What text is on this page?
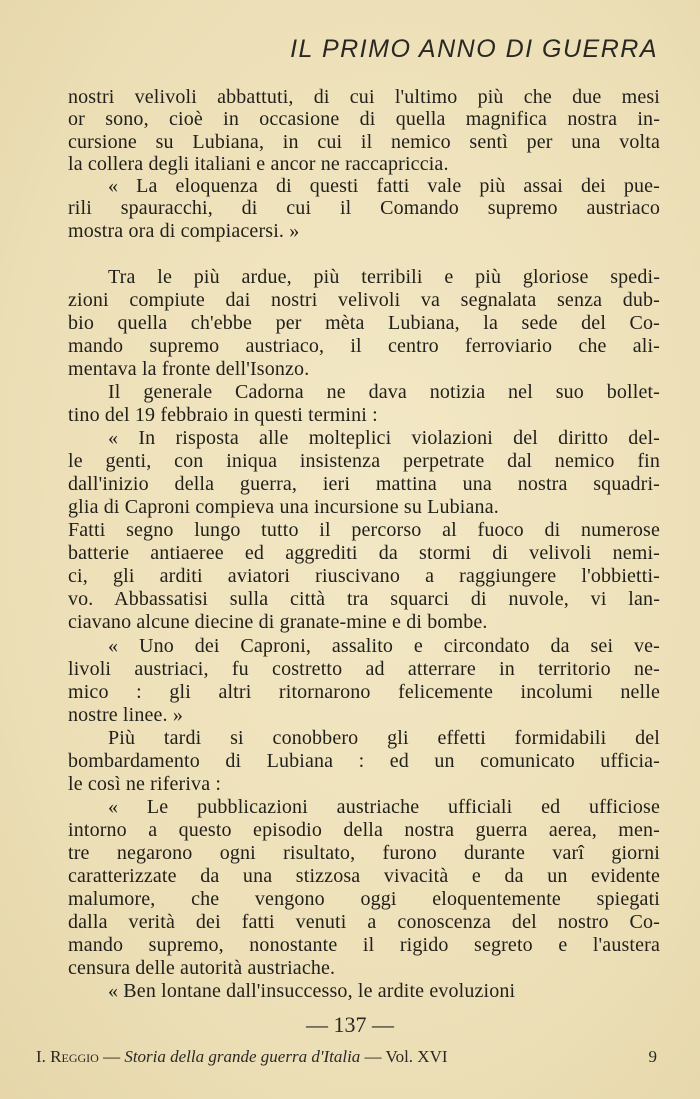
IL PRIMO ANNO DI GUERRA
nostri velivoli abbattuti, di cui l'ultimo più che due mesi
or sono, cioè in occasione di quella magnifica nostra in-
cursione su Lubiana, in cui il nemico sentì per una volta
la collera degli italiani e ancor ne raccapriccia.
« La eloquenza di questi fatti vale più assai dei pue-
rili spauracchi, di cui il Comando supremo austriaco
mostra ora di compiacersi. »
Tra le più ardue, più terribili e più gloriose spedi-
zioni compiute dai nostri velivoli va segnalata senza dub-
bio quella ch'ebbe per mèta Lubiana, la sede del Co-
mando supremo austriaco, il centro ferroviario che ali-
mentava la fronte dell'Isonzo.
Il generale Cadorna ne dava notizia nel suo bollet-
tino del 19 febbraio in questi termini :
« In risposta alle molteplici violazioni del diritto del-
le genti, con iniqua insistenza perpetrate dal nemico fin
dall'inizio della guerra, ieri mattina una nostra squadri-
glia di Caproni compieva una incursione su Lubiana.
Fatti segno lungo tutto il percorso al fuoco di numerose
batterie antiaeree ed aggrediti da stormi di velivoli nemi-
ci, gli arditi aviatori riuscivano a raggiungere l'obbietti-
vo. Abbassatisi sulla città tra squarci di nuvole, vi lan-
ciavano alcune diecine di granate-mine e di bombe.
« Uno dei Caproni, assalito e circondato da sei ve-
livoli austriaci, fu costretto ad atterrare in territorio ne-
mico : gli altri ritornarono felicemente incolumi nelle
nostre linee. »
Più tardi si conobbero gli effetti formidabili del
bombardamento di Lubiana : ed un comunicato ufficia-
le così ne riferiva :
« Le pubblicazioni austriache ufficiali ed ufficiose
intorno a questo episodio della nostra guerra aerea, men-
tre negarono ogni risultato, furono durante varî giorni
caratterizzate da una stizzosa vivacità e da un evidente
malumore, che vengono oggi eloquentemente spiegati
dalla verità dei fatti venuti a conoscenza del nostro Co-
mando supremo, nonostante il rigido segreto e l'austera
censura delle autorità austriache.
« Ben lontane dall'insuccesso, le ardite evoluzioni
— 137 —
I. Reggio — Storia della grande guerra d'Italia — Vol. XVI	9
